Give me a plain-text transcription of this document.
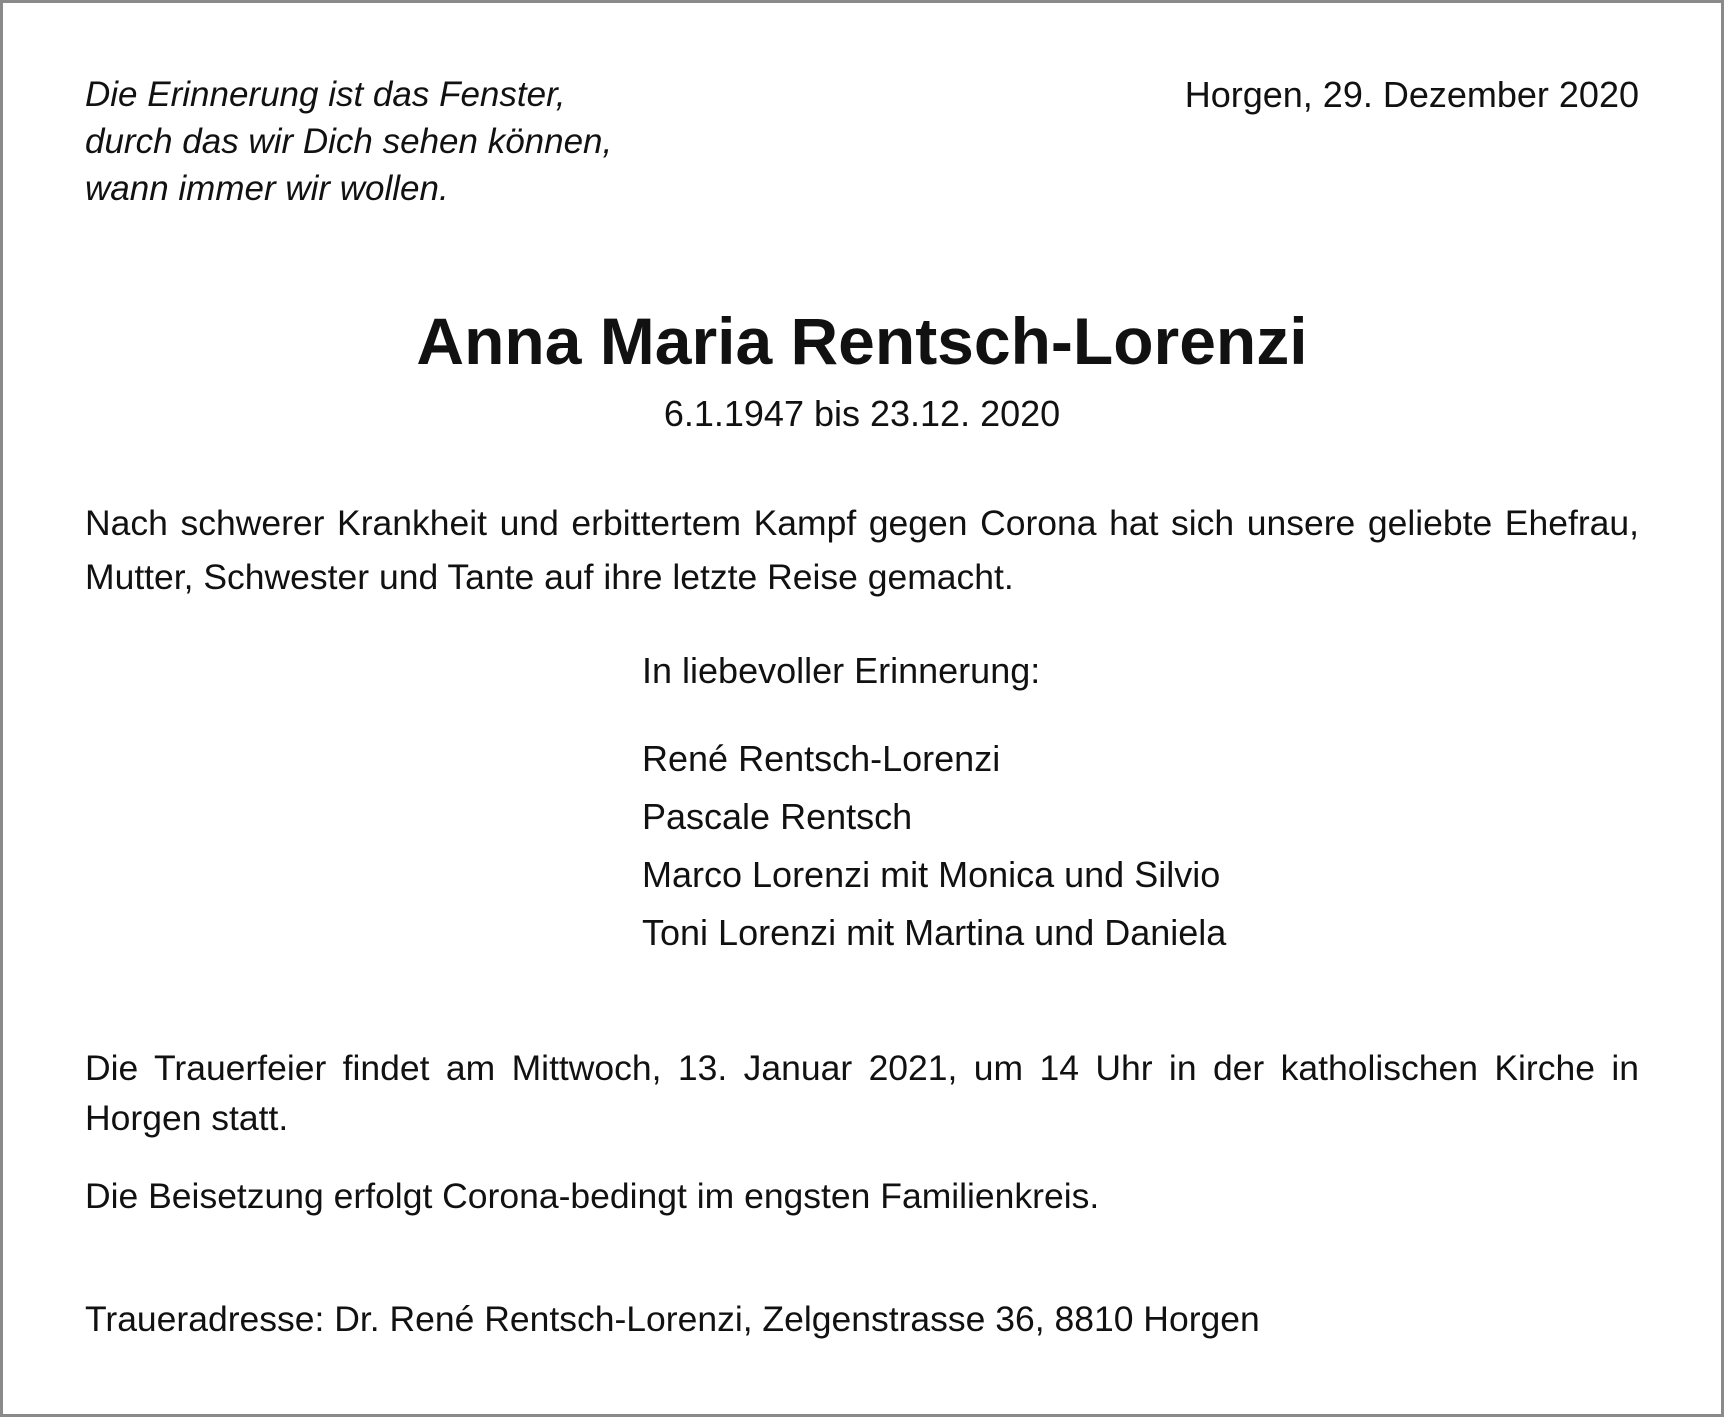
Die Erinnerung ist das Fenster,
durch das wir Dich sehen können,
wann immer wir wollen.

Horgen, 29. Dezember 2020

Anna Maria Rentsch-Lorenzi

6.1.1947 bis 23.12. 2020

Nach schwerer Krankheit und erbittertem Kampf gegen Corona hat sich unsere geliebte Ehefrau, Mutter, Schwester und Tante auf ihre letzte Reise gemacht.

In liebevoller Erinnerung:

René Rentsch-Lorenzi
Pascale Rentsch
Marco Lorenzi mit Monica und Silvio
Toni Lorenzi mit Martina und Daniela

Die Trauerfeier findet am Mittwoch, 13. Januar 2021, um 14 Uhr in der katholischen Kirche in Horgen statt.

Die Beisetzung erfolgt Corona-bedingt im engsten Familienkreis.

Traueradresse: Dr. René Rentsch-Lorenzi, Zelgenstrasse 36, 8810 Horgen
